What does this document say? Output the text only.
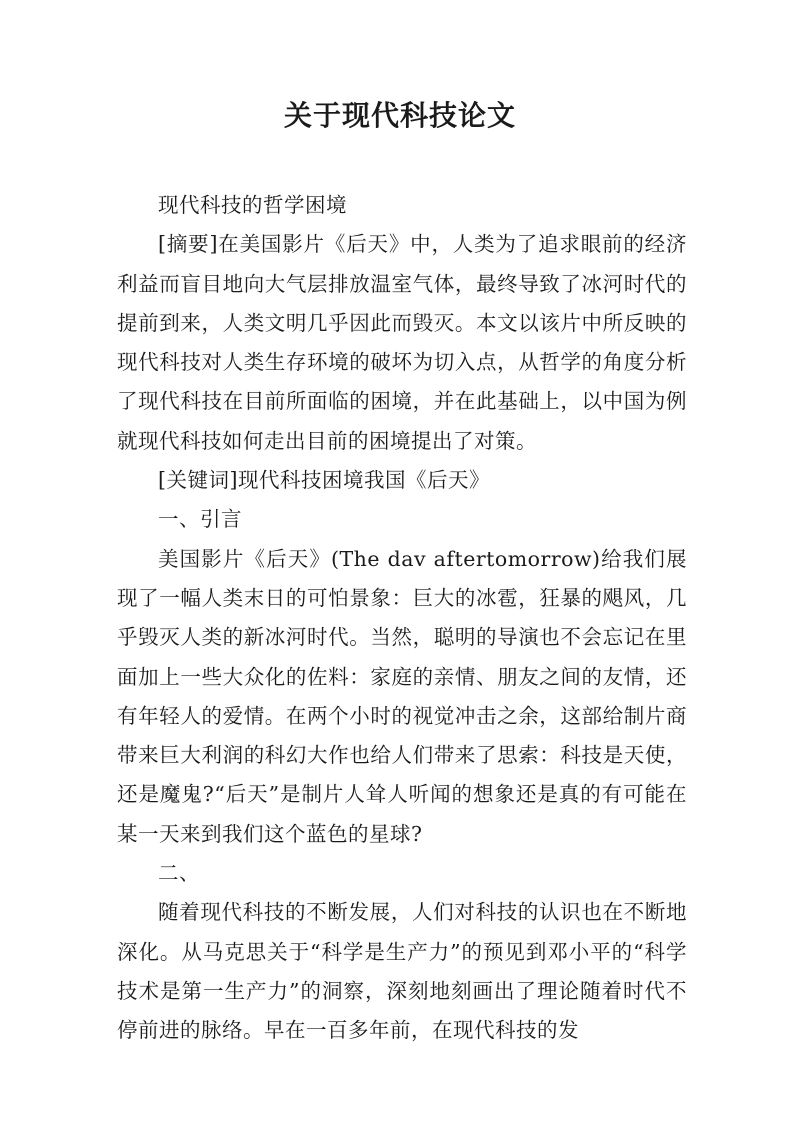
关于现代科技论文

现代科技的哲学困境

[摘要]在美国影片《后天》中，人类为了追求眼前的经济利益而盲目地向大气层排放温室气体，最终导致了冰河时代的提前到来，人类文明几乎因此而毁灭。本文以该片中所反映的现代科技对人类生存环境的破坏为切入点，从哲学的角度分析了现代科技在目前所面临的困境，并在此基础上，以中国为例就现代科技如何走出目前的困境提出了对策。

[关键词]现代科技困境我国《后天》

一、引言

美国影片《后天》(The dav aftertomorrow)给我们展现了一幅人类末日的可怕景象：巨大的冰雹，狂暴的飓风，几乎毁灭人类的新冰河时代。当然，聪明的导演也不会忘记在里面加上一些大众化的佐料：家庭的亲情、朋友之间的友情，还有年轻人的爱情。在两个小时的视觉冲击之余，这部给制片商带来巨大利润的科幻大作也给人们带来了思索：科技是天使，还是魔鬼?“后天”是制片人耸人听闻的想象还是真的有可能在某一天来到我们这个蓝色的星球?

二、

随着现代科技的不断发展，人们对科技的认识也在不断地深化。从马克思关于“科学是生产力”的预见到邓小平的“科学技术是第一生产力”的洞察，深刻地刻画出了理论随着时代不停前进的脉络。早在一百多年前，在现代科技的发
